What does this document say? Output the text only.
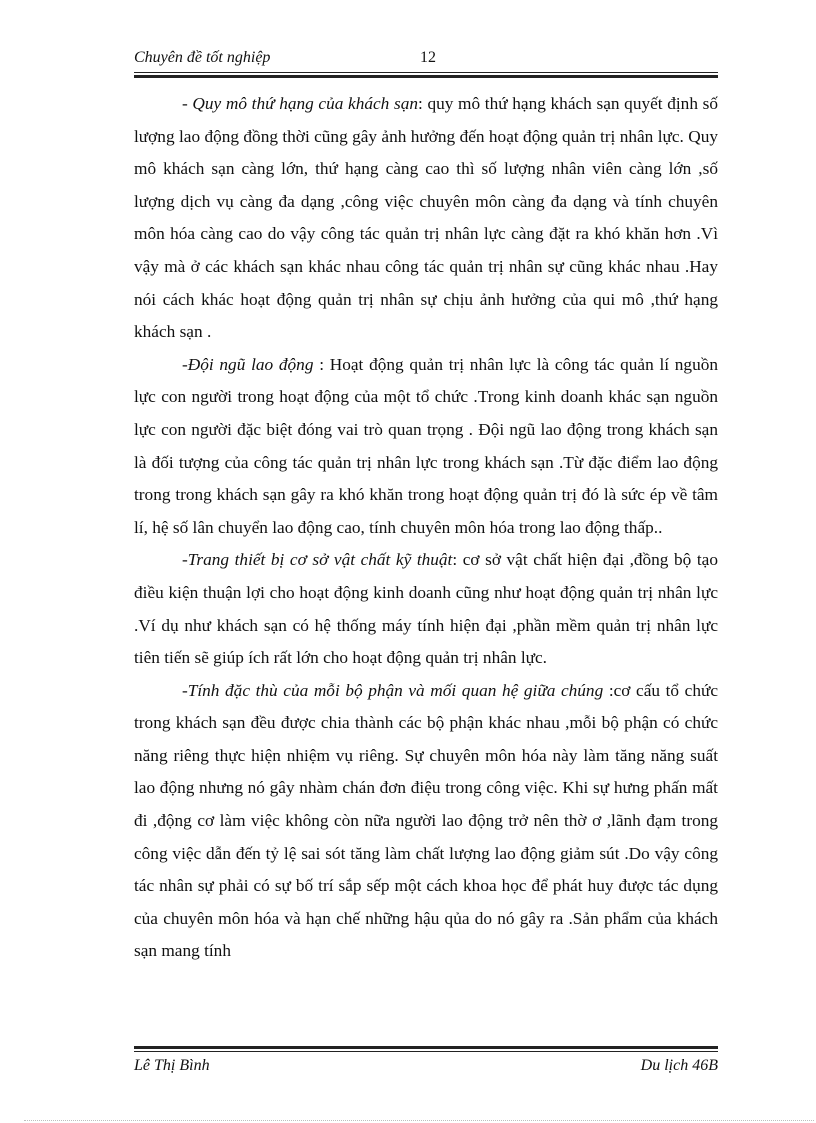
Chuyên đề tốt nghiệp	12

- Quy mô thứ hạng của khách sạn: quy mô thứ hạng khách sạn quyết định số lượng lao động đồng thời cũng gây ảnh hưởng đến hoạt động quản trị nhân lực. Quy mô khách sạn càng lớn, thứ hạng càng cao thì số lượng nhân viên càng lớn ,số lượng dịch vụ càng đa dạng ,công việc chuyên môn càng đa dạng và tính chuyên môn hóa càng cao do vậy công tác quản trị nhân lực càng đặt ra khó khăn hơn .Vì vậy mà ở các khách sạn khác nhau công tác quản trị nhân sự cũng khác nhau .Hay nói cách khác hoạt động quản trị nhân sự chịu ảnh hưởng của qui mô ,thứ hạng khách sạn .

-Đội ngũ lao động : Hoạt động quản trị nhân lực là công tác quản lí nguồn lực con người trong hoạt động của một tổ chức .Trong kinh doanh khác sạn nguồn lực con người đặc biệt đóng vai trò quan trọng . Đội ngũ lao động trong khách sạn là đối tượng của công tác quản trị nhân lực trong khách sạn .Từ đặc điểm lao động trong trong khách sạn gây ra khó khăn trong hoạt động quản trị đó là sức ép về tâm lí, hệ số lân chuyển lao động cao, tính chuyên môn hóa trong lao động thấp..

-Trang thiết bị cơ sở vật chất kỹ thuật: cơ sở vật chất hiện đại ,đồng bộ tạo điều kiện thuận lợi cho hoạt động kinh doanh cũng như hoạt động quản trị nhân lực .Ví dụ như khách sạn có hệ thống máy tính hiện đại ,phần mềm quản trị nhân lực tiên tiến sẽ giúp ích rất lớn cho hoạt động quản trị nhân lực.

-Tính đặc thù của mỗi bộ phận và mối quan hệ giữa chúng :cơ cấu tổ chức trong khách sạn đều được chia thành các bộ phận khác nhau ,mỗi bộ phận có chức năng riêng thực hiện nhiệm vụ riêng. Sự chuyên môn hóa này làm tăng năng suất lao động nhưng nó gây nhàm chán đơn điệu trong công việc. Khi sự hưng phấn mất đi ,động cơ làm việc không còn nữa người lao động trở nên thờ ơ ,lãnh đạm trong công việc dẫn đến tỷ lệ sai sót tăng làm chất lượng lao động giảm sút .Do vậy công tác nhân sự phải có sự bố trí sắp sếp một cách khoa học để phát huy được tác dụng của chuyên môn hóa và hạn chế những hậu qủa do nó gây ra .Sản phẩm của khách sạn mang tính

Lê Thị Bình	Du lịch 46B
